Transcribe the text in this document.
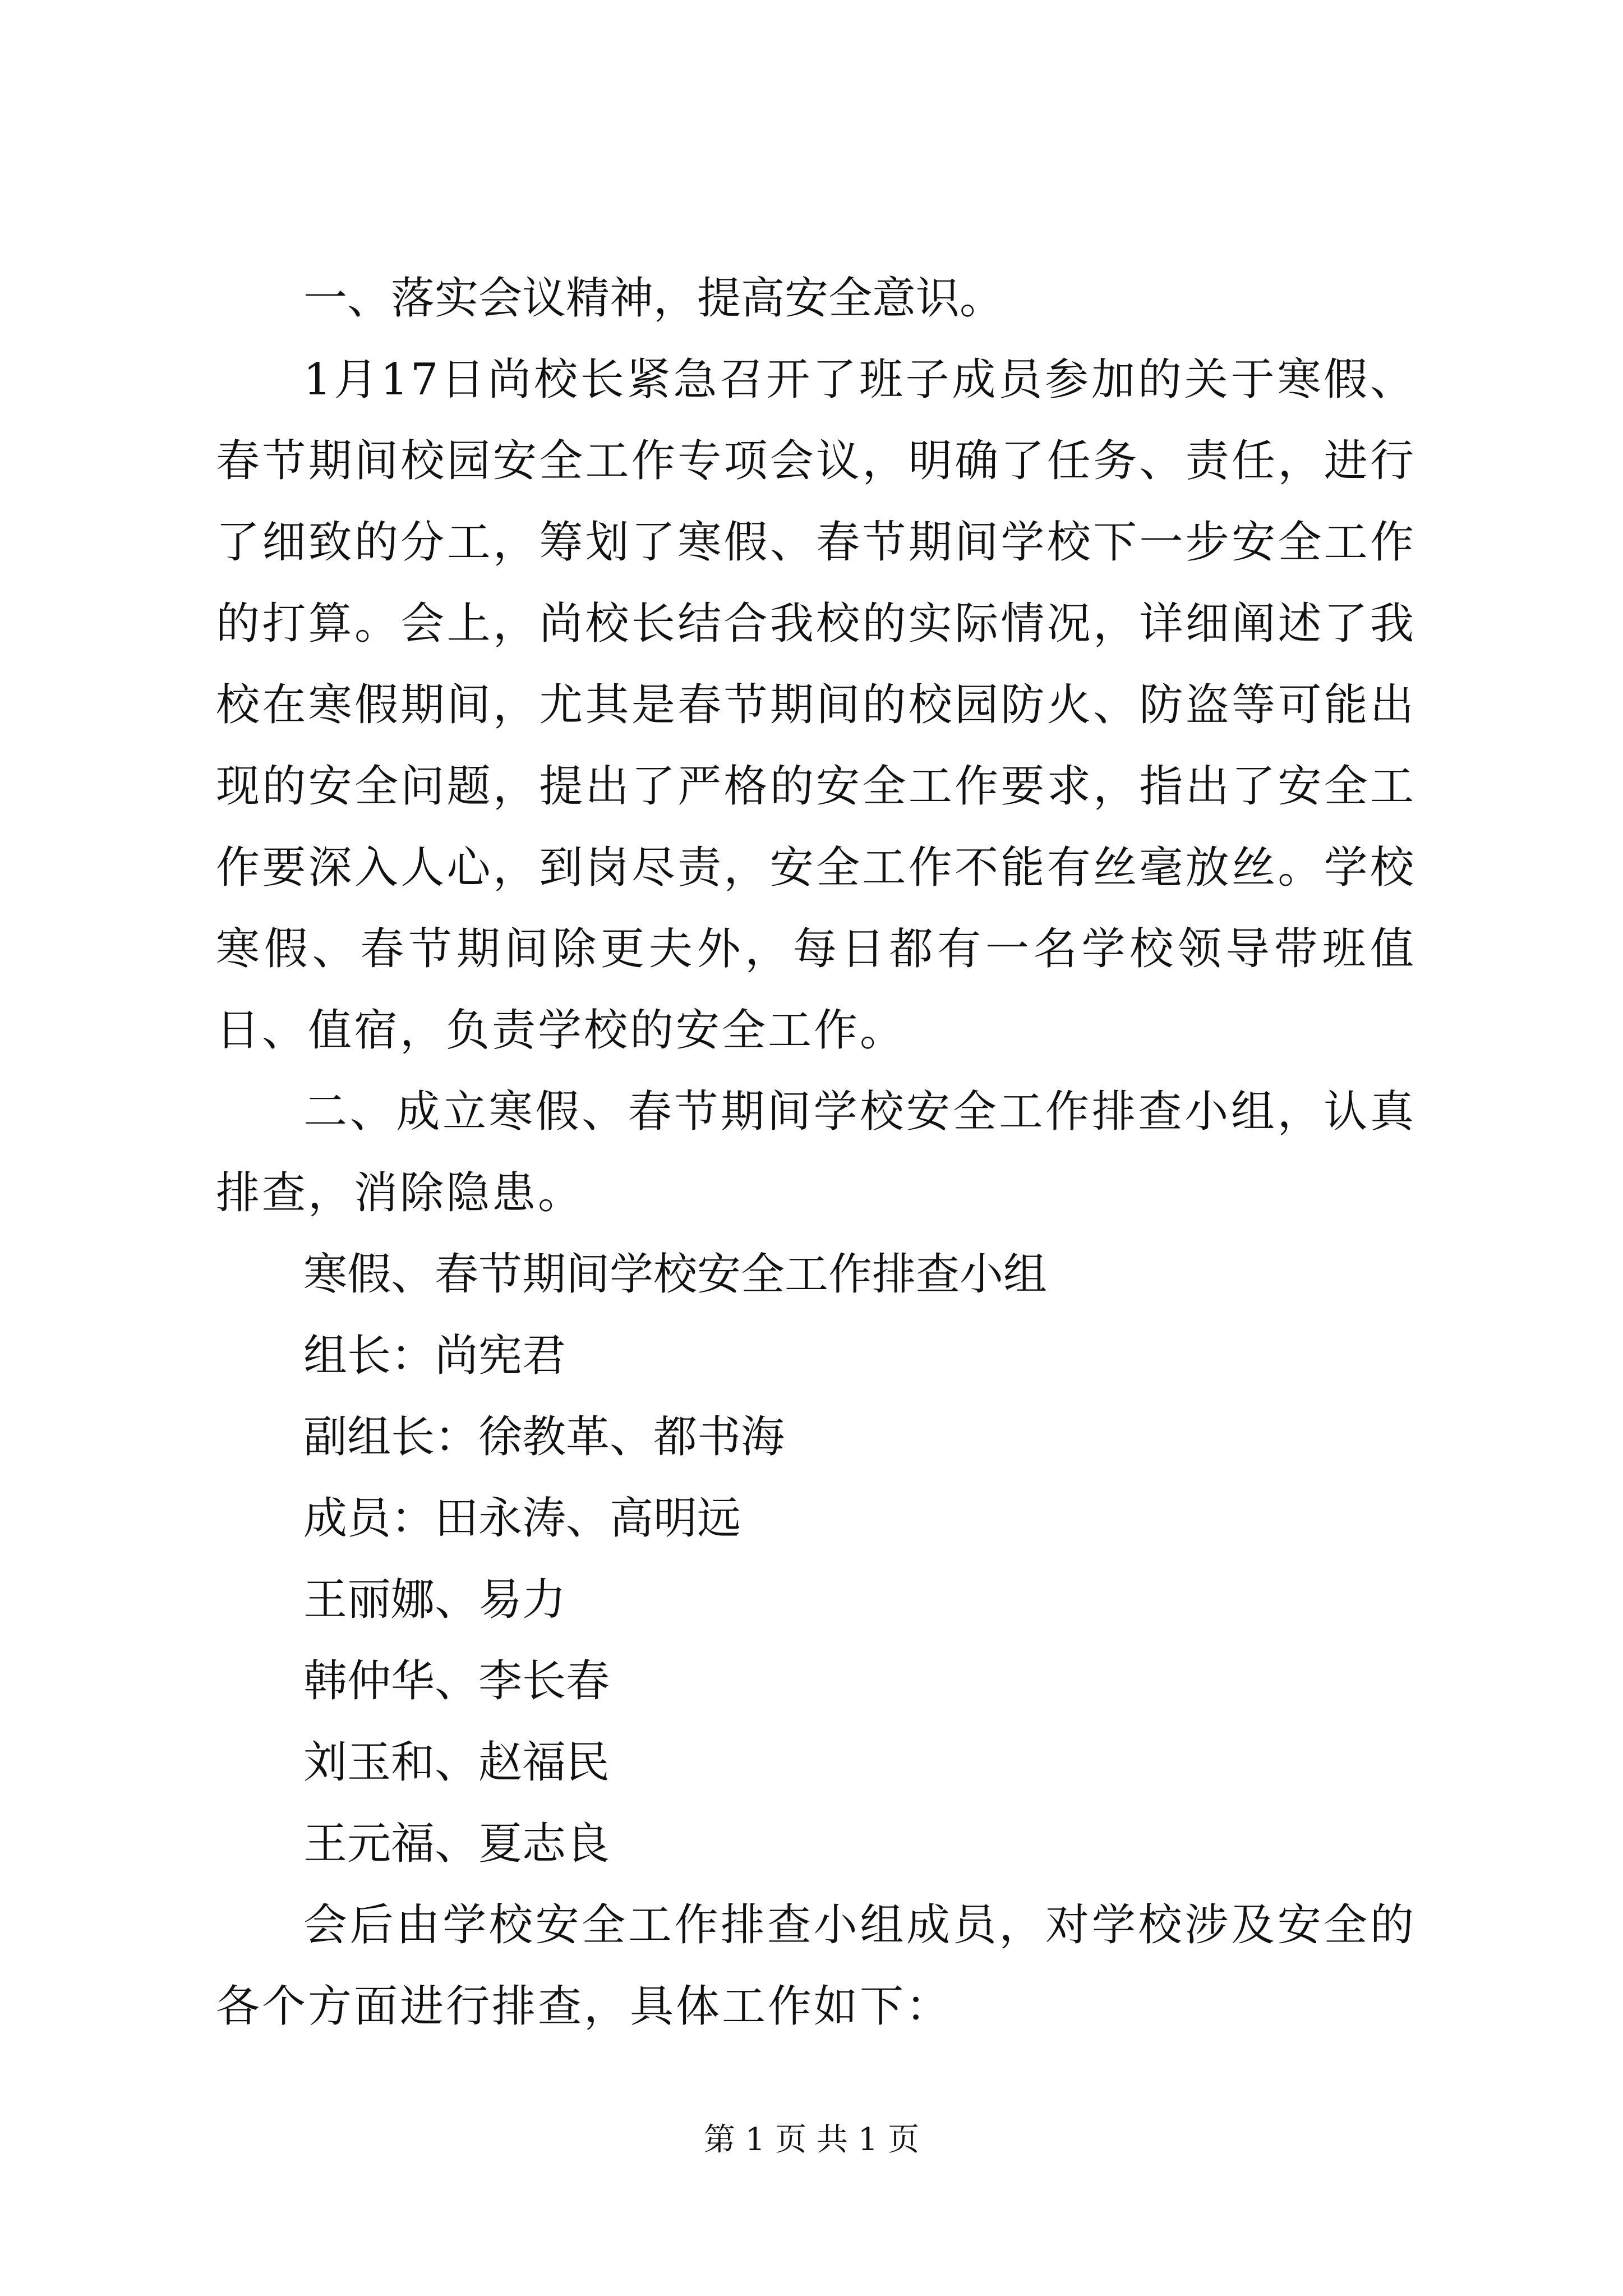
一、落实会议精神，提高安全意识。

1月17日尚校长紧急召开了班子成员参加的关于寒假、春节期间校园安全工作专项会议，明确了任务、责任，进行了细致的分工，筹划了寒假、春节期间学校下一步安全工作的打算。会上，尚校长结合我校的实际情况，详细阐述了我校在寒假期间，尤其是春节期间的校园防火、防盗等可能出现的安全问题，提出了严格的安全工作要求，指出了安全工作要深入人心，到岗尽责，安全工作不能有丝毫放丝。学校寒假、春节期间除更夫外，每日都有一名学校领导带班值日、值宿，负责学校的安全工作。

二、成立寒假、春节期间学校安全工作排查小组，认真排查，消除隐患。

寒假、春节期间学校安全工作排查小组

组长：尚宪君

副组长：徐教革、都书海

成员：田永涛、高明远

王丽娜、易力

韩仲华、李长春

刘玉和、赵福民

王元福、夏志良

会后由学校安全工作排查小组成员，对学校涉及安全的各个方面进行排查，具体工作如下：

第 1 页 共 1 页
